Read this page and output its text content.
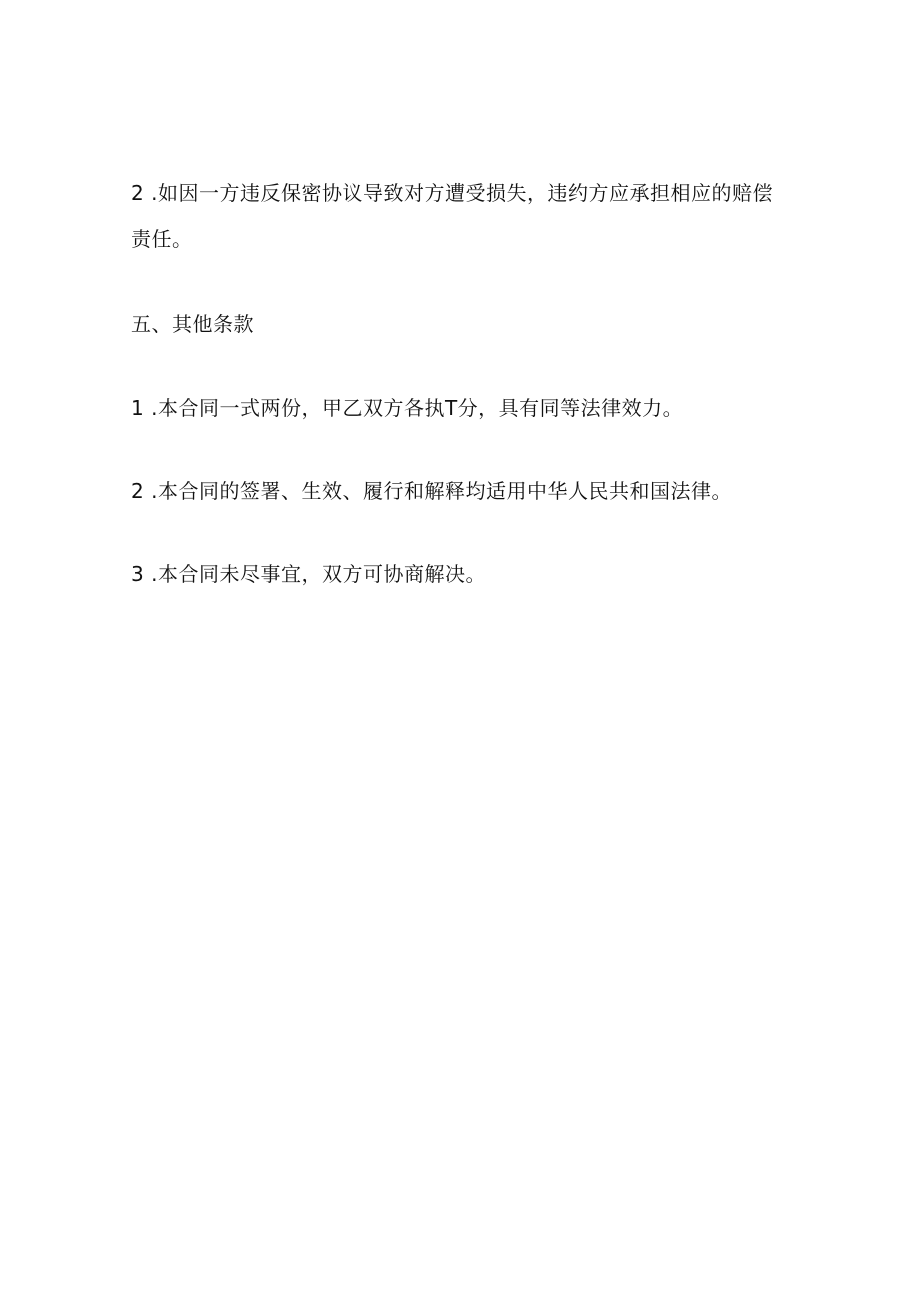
2 .如因一方违反保密协议导致对方遭受损失，违约方应承担相应的赔偿责任。

五、其他条款

1 .本合同一式两份，甲乙双方各执T分，具有同等法律效力。

2 .本合同的签署、生效、履行和解释均适用中华人民共和国法律。

3 .本合同未尽事宜，双方可协商解决。
